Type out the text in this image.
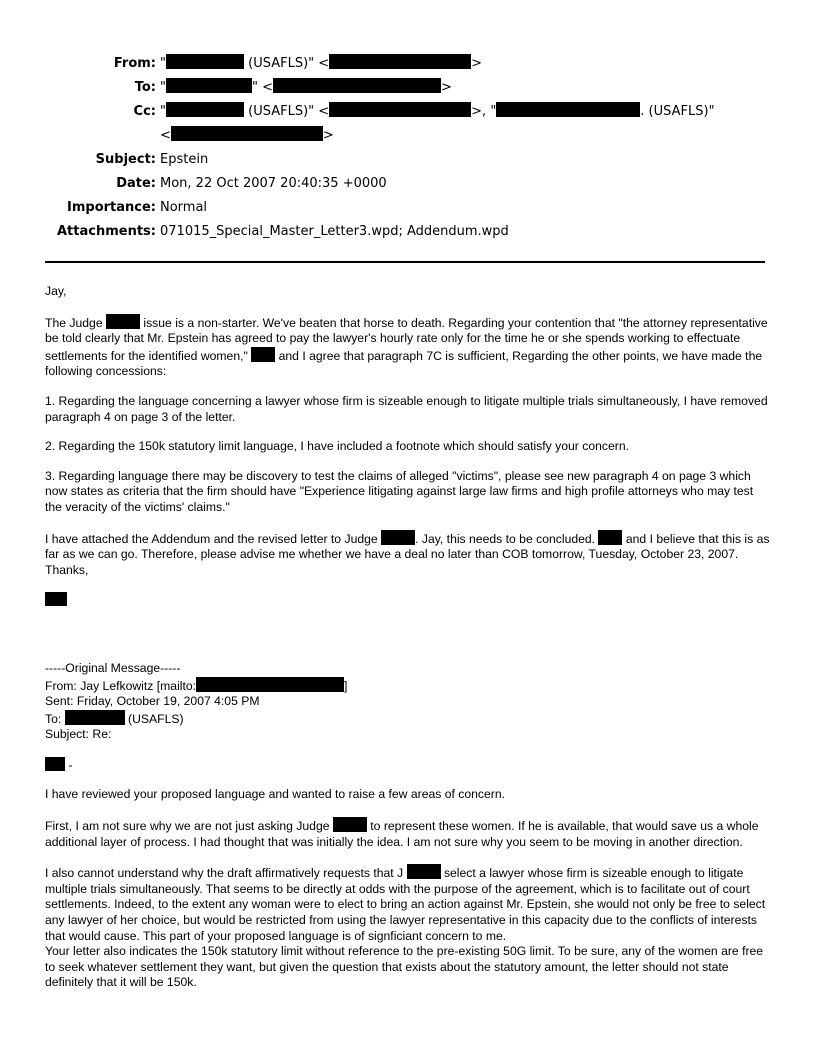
From: "	(USAFLS)" <	>
To: "	" <	>
Cc: "	(USAFLS)" <	>, "	. (USAFLS)"
<	>
Subject: Epstein
Date: Mon, 22 Oct 2007 20:40:35 +0000
Importance: Normal
Attachments: 071015_Special_Master_Letter3.wpd; Addendum.wpd

Jay,

The Judge	issue is a non-starter. We've beaten that horse to death. Regarding your contention that "the attorney representative be told clearly that Mr. Epstein has agreed to pay the lawyer's hourly rate only for the time he or she spends working to effectuate settlements for the identified women,"	and I agree that paragraph 7C is sufficient, Regarding the other points, we have made the following concessions:

1. Regarding the language concerning a lawyer whose firm is sizeable enough to litigate multiple trials simultaneously, I have removed paragraph 4 on page 3 of the letter.

2. Regarding the 150k statutory limit language, I have included a footnote which should satisfy your concern.

3. Regarding language there may be discovery to test the claims of alleged "victims", please see new paragraph 4 on page 3 which now states as criteria that the firm should have "Experience litigating against large law firms and high profile attorneys who may test the veracity of the victims' claims."

I have attached the Addendum and the revised letter to Judge	. Jay, this needs to be concluded.	and I believe that this is as far as we can go. Therefore, please advise me whether we have a deal no later than COB tomorrow, Tuesday, October 23, 2007. Thanks,

-----Original Message-----
From: Jay Lefkowitz [mailto:	]
Sent: Friday, October 19, 2007 4:05 PM
To:	(USAFLS)
Subject: Re:

-

I have reviewed your proposed language and wanted to raise a few areas of concern.

First, I am not sure why we are not just asking Judge	to represent these women. If he is available, that would save us a whole additional layer of process. I had thought that was initially the idea. I am not sure why you seem to be moving in another direction.

I also cannot understand why the draft affirmatively requests that J	select a lawyer whose firm is sizeable enough to litigate multiple trials simultaneously. That seems to be directly at odds with the purpose of the agreement, which is to facilitate out of court settlements. Indeed, to the extent any woman were to elect to bring an action against Mr. Epstein, she would not only be free to select any lawyer of her choice, but would be restricted from using the lawyer representative in this capacity due to the conflicts of interests that would cause. This part of your proposed language is of signficiant concern to me.

Your letter also indicates the 150k statutory limit without reference to the pre-existing 50G limit. To be sure, any of the women are free to seek whatever settlement they want, but given the question that exists about the statutory amount, the letter should not state definitely that it will be 150k.
